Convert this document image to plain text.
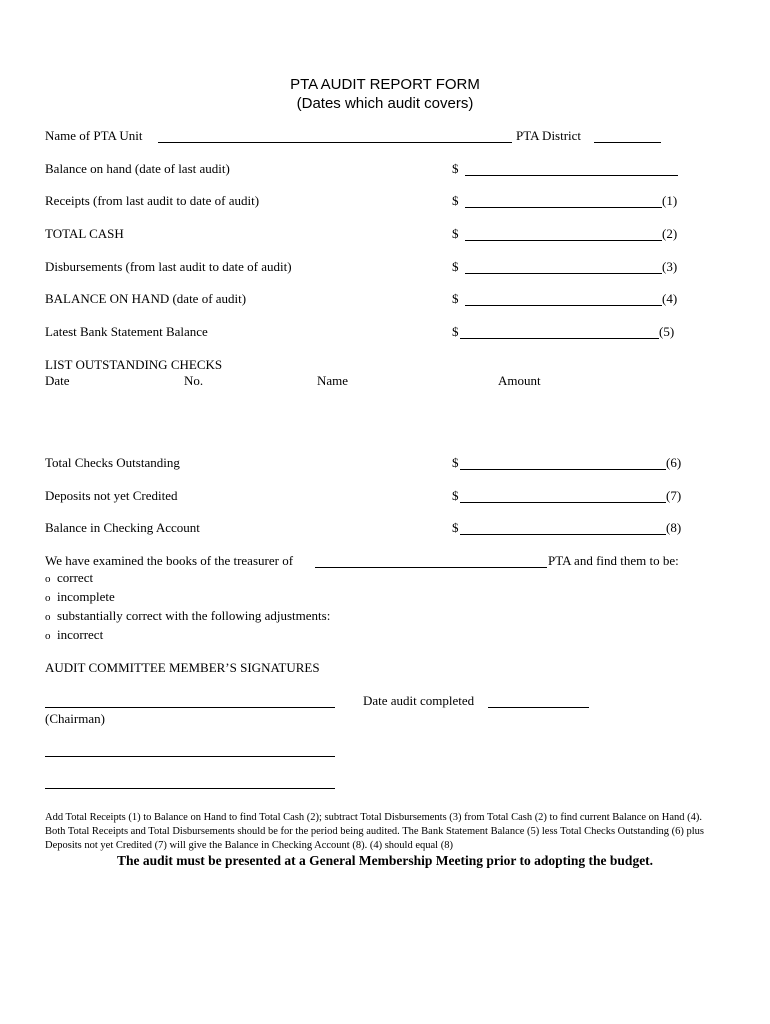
PTA AUDIT REPORT FORM
(Dates which audit covers)
Name of PTA Unit	PTA District
Balance on hand (date of last audit)	$
Receipts (from last audit to date of audit)	$	(1)
TOTAL CASH	$	(2)
Disbursements (from last audit to date of audit)	$	(3)
BALANCE ON HAND (date of audit)	$	(4)
Latest Bank Statement Balance	$	(5)
LIST OUTSTANDING CHECKS
Date	No.	Name	Amount
Total Checks Outstanding	$	(6)
Deposits not yet Credited	$	(7)
Balance in Checking Account	$	(8)
We have examined the books of the treasurer of	PTA and find them to be:
o correct
o incomplete
o substantially correct with the following adjustments:
o incorrect
AUDIT COMMITTEE MEMBER’S SIGNATURES
(Chairman)
Date audit completed
Add Total Receipts (1) to Balance on Hand to find Total Cash (2); subtract Total Disbursements (3) from Total Cash (2) to find current Balance on Hand (4). Both Total Receipts and Total Disbursements should be for the period being audited. The Bank Statement Balance (5) less Total Checks Outstanding (6) plus Deposits not yet Credited (7) will give the Balance in Checking Account (8). (4) should equal (8)
The audit must be presented at a General Membership Meeting prior to adopting the budget.
